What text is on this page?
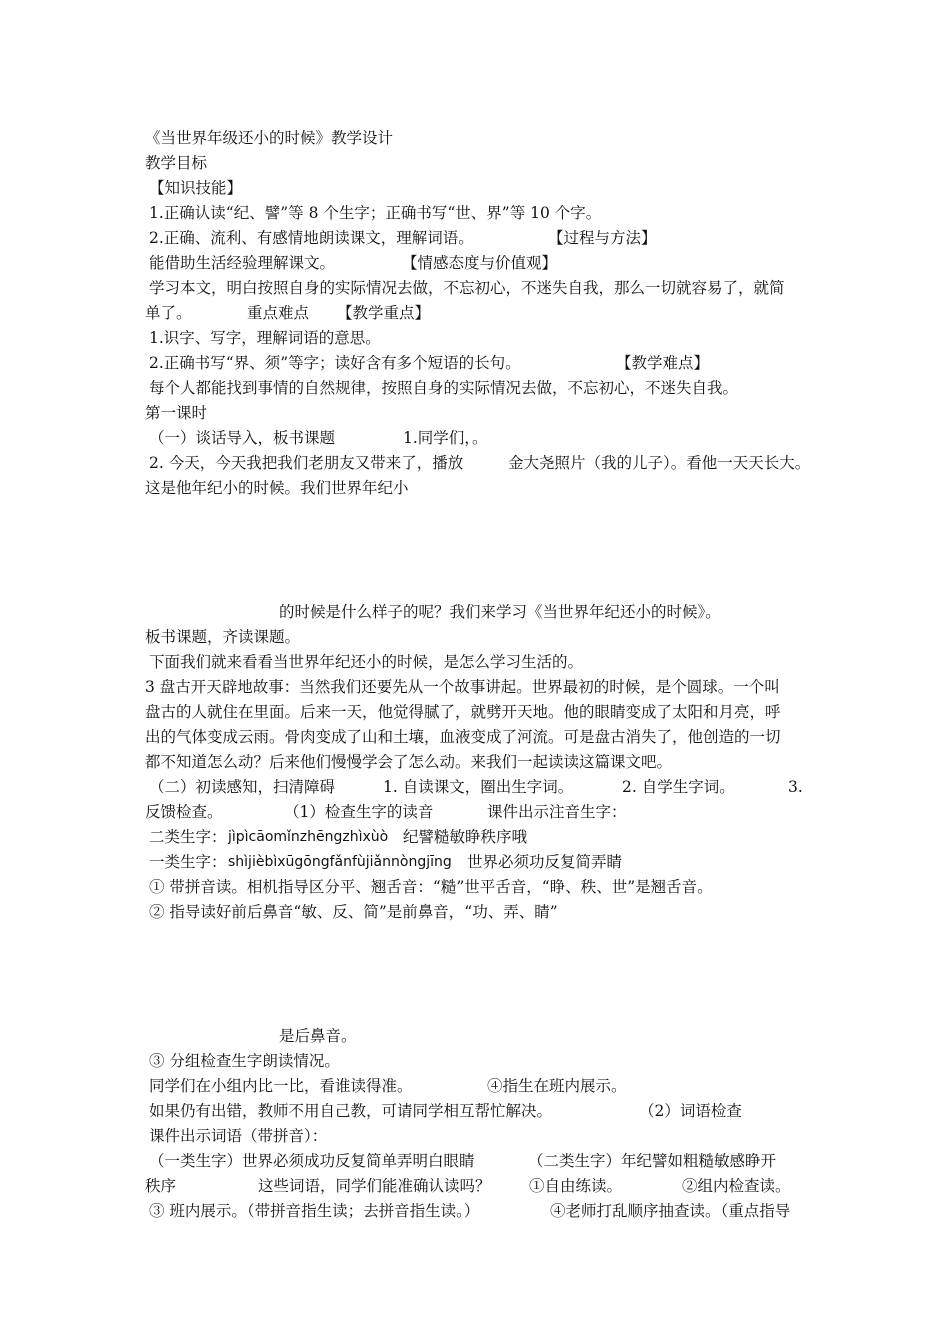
《当世界年级还小的时候》教学设计
教学目标
【知识技能】
1.正确认读“纪、譬”等 8 个生字；正确书写“世、界”等 10 个字。
2.正确、流利、有感情地朗读课文，理解词语。	【过程与方法】
能借助生活经验理解课文。	【情感态度与价值观】
学习本文，明白按照自身的实际情况去做，不忘初心，不迷失自我，那么一切就容易了，就简
单了。	重点难点 【教学重点】
1.识字、写字，理解词语的意思。
2.正确书写“界、须”等字；读好含有多个短语的长句。	【教学难点】
每个人都能找到事情的自然规律，按照自身的实际情况去做，不忘初心，不迷失自我。
第一课时
（一）谈话导入，板书课题	1.同学们，。
2. 今天，今天我把我们老朋友又带来了，播放	金大尧照片（我的儿子）。看他一天天长大。
这是他年纪小的时候。我们世界年纪小
的时候是什么样子的呢？我们来学习《当世界年纪还小的时候》。
板书课题，齐读课题。
下面我们就来看看当世界年纪还小的时候，是怎么学习生活的。
3 盘古开天辟地故事：当然我们还要先从一个故事讲起。世界最初的时候，是个圆球。一个叫
盘古的人就住在里面。后来一天，他觉得腻了，就劈开天地。他的眼睛变成了太阳和月亮，呼
出的气体变成云雨。骨肉变成了山和土壤，血液变成了河流。可是盘古消失了，他创造的一切
都不知道怎么动？后来他们慢慢学会了怎么动。来我们一起读读这篇课文吧。
（二）初读感知，扫清障碍	1. 自读课文，圈出生字词。	2. 自学生字词。	3.
反馈检查。	（1）检查生字的读音	课件出示注音生字：
二类生字： jìpìcāomǐnzhēngzhìxùò 纪譬糙敏睁秩序哦
一类生字： shìjièbìxūgōngfǎnfùjiǎnnòngjīng 世界必须功反复简弄睛
① 带拼音读。相机指导区分平、翘舌音：“糙”世平舌音，“睁、秩、世”是翘舌音。
② 指导读好前后鼻音“敏、反、简”是前鼻音，“功、弄、睛”
是后鼻音。
③ 分组检查生字朗读情况。
同学们在小组内比一比，看谁读得准。	④指生在班内展示。
如果仍有出错，教师不用自己教，可请同学相互帮忙解决。	（2）词语检查
课件出示词语（带拼音）：
（一类生字）世界必须成功反复简单弄明白眼睛	（二类生字）年纪譬如粗糙敏感睁开
秩序	这些词语，同学们能准确认读吗？ ①自由练读。	②组内检查读。
③ 班内展示。（带拼音指生读；去拼音指生读。）	④老师打乱顺序抽查读。（重点指导
